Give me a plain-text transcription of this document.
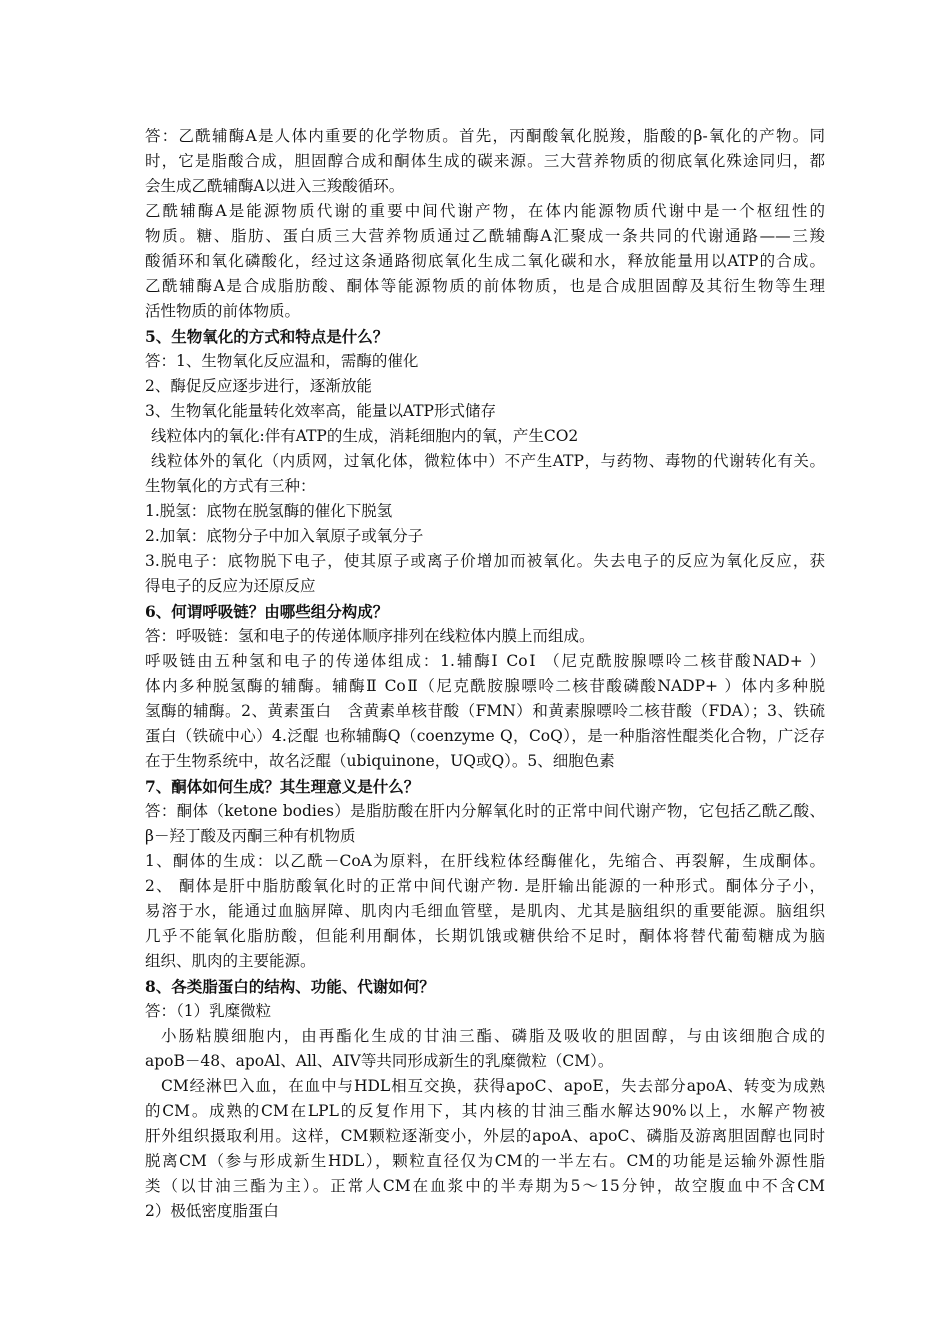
答：乙酰辅酶A是人体内重要的化学物质。首先，丙酮酸氧化脱羧，脂酸的β-氧化的产物。同
时，它是脂酸合成，胆固醇合成和酮体生成的碳来源。三大营养物质的彻底氧化殊途同归，都
会生成乙酰辅酶A以进入三羧酸循环。
乙酰辅酶A是能源物质代谢的重要中间代谢产物，在体内能源物质代谢中是一个枢纽性的
物质。糖、脂肪、蛋白质三大营养物质通过乙酰辅酶A汇聚成一条共同的代谢通路——三羧
酸循环和氧化磷酸化，经过这条通路彻底氧化生成二氧化碳和水，释放能量用以ATP的合成。
乙酰辅酶A是合成脂肪酸、酮体等能源物质的前体物质，也是合成胆固醇及其衍生物等生理
活性物质的前体物质。
5、生物氧化的方式和特点是什么？
答：1、生物氧化反应温和，需酶的催化
2、酶促反应逐步进行，逐渐放能
3、生物氧化能量转化效率高，能量以ATP形式储存
线粒体内的氧化:伴有ATP的生成，消耗细胞内的氧，产生CO2
线粒体外的氧化（内质网，过氧化体，微粒体中）不产生ATP，与药物、毒物的代谢转化有关。
生物氧化的方式有三种：
1.脱氢：底物在脱氢酶的催化下脱氢
2.加氧：底物分子中加入氧原子或氧分子
3.脱电子：底物脱下电子，使其原子或离子价增加而被氧化。失去电子的反应为氧化反应，获
得电子的反应为还原反应
6、何谓呼吸链？由哪些组分构成？
答：呼吸链：氢和电子的传递体顺序排列在线粒体内膜上而组成。
呼吸链由五种氢和电子的传递体组成：1.辅酶Ⅰ CoⅠ （尼克酰胺腺嘌呤二核苷酸NAD+ ）
体内多种脱氢酶的辅酶。辅酶Ⅱ CoⅡ（尼克酰胺腺嘌呤二核苷酸磷酸NADP+ ）体内多种脱
氢酶的辅酶。2、黄素蛋白　含黄素单核苷酸（FMN）和黄素腺嘌呤二核苷酸（FDA）；3、铁硫
蛋白（铁硫中心）4.泛醌 也称辅酶Q（coenzyme Q，CoQ），是一种脂溶性醌类化合物，广泛存
在于生物系统中，故名泛醌（ubiquinone，UQ或Q）。5、细胞色素
7、酮体如何生成？其生理意义是什么？
答：酮体（ketone bodies）是脂肪酸在肝内分解氧化时的正常中间代谢产物，它包括乙酰乙酸、
β－羟丁酸及丙酮三种有机物质
1、酮体的生成：以乙酰－CoA为原料，在肝线粒体经酶催化，先缩合、再裂解，生成酮体。
2、 酮体是肝中脂肪酸氧化时的正常中间代谢产物. 是肝输出能源的一种形式。酮体分子小，
易溶于水，能通过血脑屏障、肌肉内毛细血管壁，是肌肉、尤其是脑组织的重要能源。脑组织
几乎不能氧化脂肪酸，但能利用酮体，长期饥饿或糖供给不足时，酮体将替代葡萄糖成为脑
组织、肌肉的主要能源。
8、各类脂蛋白的结构、功能、代谢如何？
答：（1）乳糜微粒
小肠粘膜细胞内，由再酯化生成的甘油三酯、磷脂及吸收的胆固醇，与由该细胞合成的
apoB－48、apoAl、All、AIV等共同形成新生的乳糜微粒（CM）。
CM经淋巴入血，在血中与HDL相互交换，获得apoC、apoE，失去部分apoA、转变为成熟
的CM。成熟的CM在LPL的反复作用下，其内核的甘油三酯水解达90%以上，水解产物被
肝外组织摄取利用。这样，CM颗粒逐渐变小，外层的apoA、apoC、磷脂及游离胆固醇也同时
脱离CM（参与形成新生HDL），颗粒直径仅为CM的一半左右。CM的功能是运输外源性脂
类（以甘油三酯为主）。正常人CM在血浆中的半寿期为5～15分钟，故空腹血中不含CM
2）极低密度脂蛋白
